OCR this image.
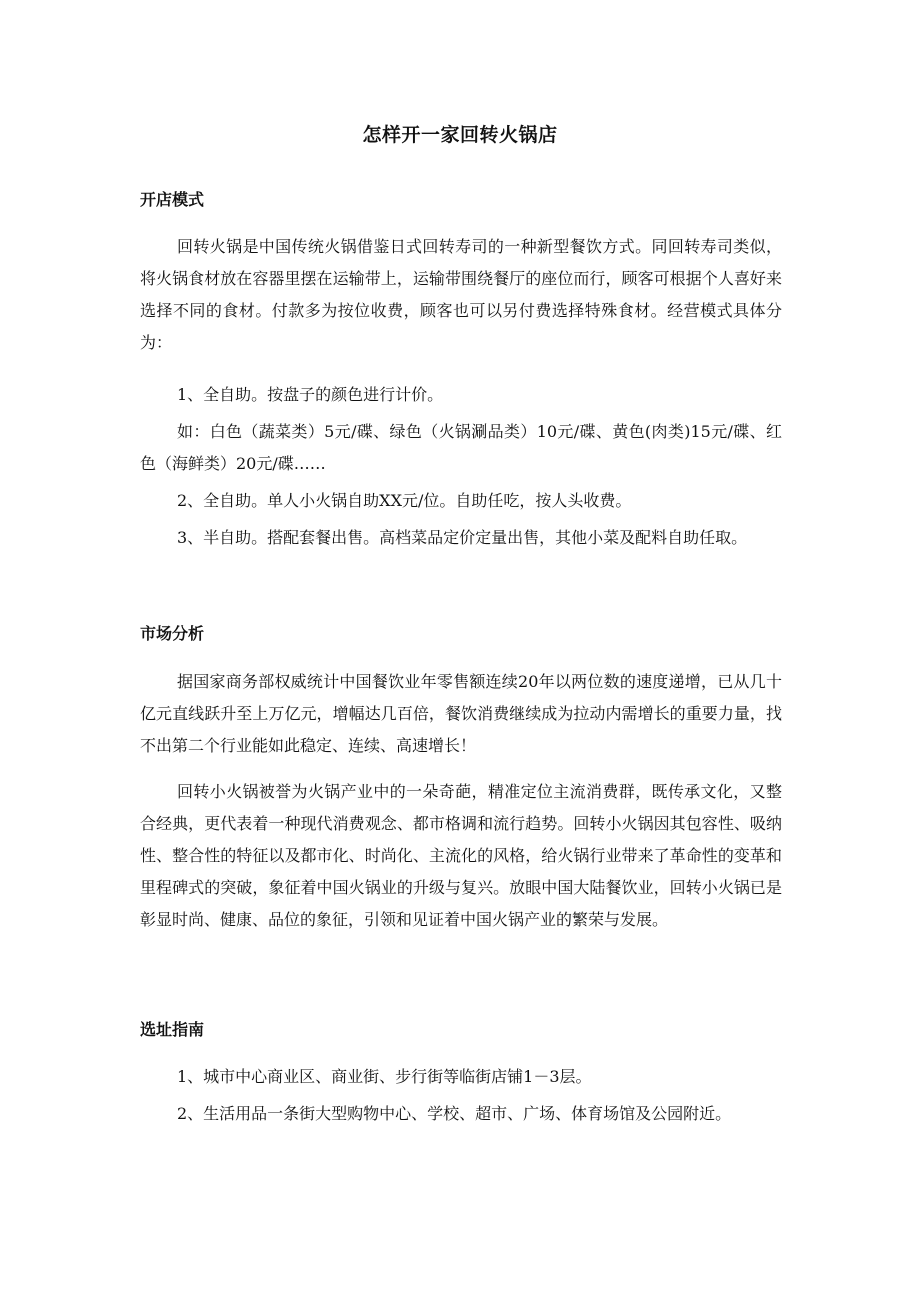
怎样开一家回转火锅店
开店模式

回转火锅是中国传统火锅借鉴日式回转寿司的一种新型餐饮方式。同回转寿司类似，将火锅食材放在容器里摆在运输带上，运输带围绕餐厅的座位而行，顾客可根据个人喜好来选择不同的食材。付款多为按位收费，顾客也可以另付费选择特殊食材。经营模式具体分为：

1、全自助。按盘子的颜色进行计价。

如：白色（蔬菜类）5元/碟、绿色（火锅涮品类）10元/碟、黄色(肉类)15元/碟、红色（海鲜类）20元/碟……

2、全自助。单人小火锅自助XX元/位。自助任吃，按人头收费。

3、半自助。搭配套餐出售。高档菜品定价定量出售，其他小菜及配料自助任取。

市场分析

据国家商务部权威统计中国餐饮业年零售额连续20年以两位数的速度递增，已从几十亿元直线跃升至上万亿元，增幅达几百倍，餐饮消费继续成为拉动内需增长的重要力量，找不出第二个行业能如此稳定、连续、高速增长！

回转小火锅被誉为火锅产业中的一朵奇葩，精准定位主流消费群，既传承文化，又整合经典，更代表着一种现代消费观念、都市格调和流行趋势。回转小火锅因其包容性、吸纳性、整合性的特征以及都市化、时尚化、主流化的风格，给火锅行业带来了革命性的变革和里程碑式的突破，象征着中国火锅业的升级与复兴。放眼中国大陆餐饮业，回转小火锅已是彰显时尚、健康、品位的象征，引领和见证着中国火锅产业的繁荣与发展。

选址指南

1、城市中心商业区、商业街、步行街等临街店铺1－3层。

2、生活用品一条街大型购物中心、学校、超市、广场、体育场馆及公园附近。
